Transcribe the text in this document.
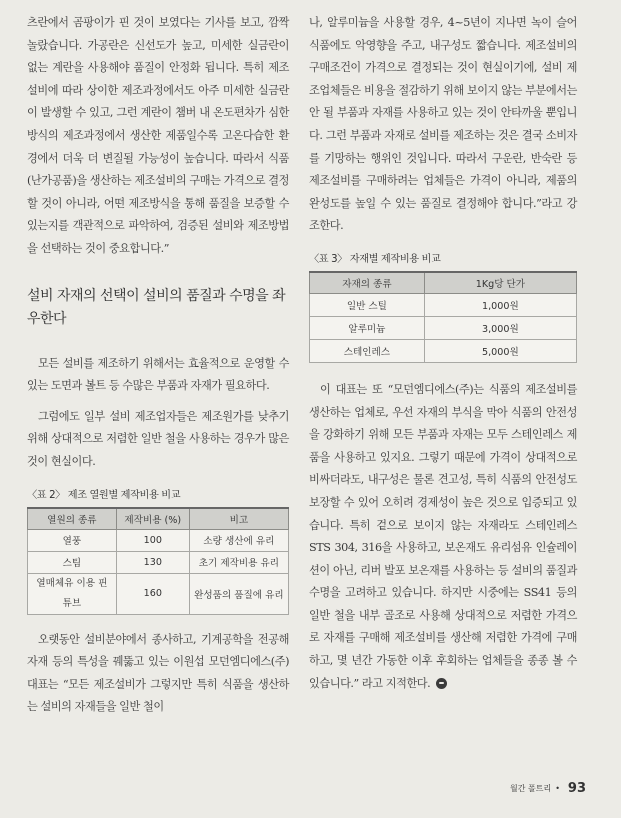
츠란에서 곰팡이가 핀 것이 보였다는 기사를 보고, 깜짝 놀랐습니다. 가공란은 신선도가 높고, 미세한 실금란이 없는 계란을 사용해야 품질이 안정화 됩니다. 특히 제조설비에 따라 상이한 제조과정에서도 아주 미세한 실금란이 발생할 수 있고, 그런 계란이 챔버 내 온도편차가 심한 방식의 제조과정에서 생산한 제품일수록 고온다습한 환경에서 더욱 더 변질될 가능성이 높습니다. 따라서 식품 (난가공품)을 생산하는 제조설비의 구매는 가격으로 결정할 것이 아니라, 어떤 제조방식을 통해 품질을 보증할 수 있는지를 객관적으로 파악하여, 검증된 설비와 제조방법을 선택하는 것이 중요합니다.”

설비 자재의 선택이 설비의 품질과 수명을 좌우한다

모든 설비를 제조하기 위해서는 효율적으로 운영할 수 있는 도면과 볼트 등 수많은 부품과 자재가 필요하다.

그럼에도 일부 설비 제조업자들은 제조원가를 낮추기 위해 상대적으로 저렴한 일반 철을 사용하는 경우가 많은 것이 현실이다.

〈표 2〉 제조 열원별 제작비용 비교
열원의 종류	제작비용 (%)	비고
열풍	100	소량 생산에 유리
스팀	130	초기 제작비용 유리
열매체유 이용 핀튜브	160	완성품의 품질에 유리

오랫동안 설비분야에서 종사하고, 기계공학을 전공해 자재 등의 특성을 꿰뚫고 있는 이원섭 모던엠디에스(주) 대표는 “모든 제조설비가 그렇지만 특히 식품을 생산하는 설비의 자재들을 일반 철이

나, 알루미늄을 사용할 경우, 4~5년이 지나면 녹이 슬어 식품에도 악영향을 주고, 내구성도 짧습니다. 제조설비의 구매조건이 가격으로 결정되는 것이 현실이기에, 설비 제조업체들은 비용을 절감하기 위해 보이지 않는 부분에서는 안 될 부품과 자재를 사용하고 있는 것이 안타까울 뿐입니다. 그런 부품과 자재로 설비를 제조하는 것은 결국 소비자를 기망하는 행위인 것입니다. 따라서 구운란, 반숙란 등 제조설비를 구매하려는 업체들은 가격이 아니라, 제품의 완성도를 높일 수 있는 품질로 결정해야 합니다.”라고 강조한다.

〈표 3〉 자재별 제작비용 비교
자재의 종류	1Kg당 단가
일반 스틸	1,000원
알루미늄	3,000원
스테인레스	5,000원

이 대표는 또 “모던엠디에스(주)는 식품의 제조설비를 생산하는 업체로, 우선 자재의 부식을 막아 식품의 안전성을 강화하기 위해 모든 부품과 자재는 모두 스테인레스 제품을 사용하고 있지요. 그렇기 때문에 가격이 상대적으로 비싸더라도, 내구성은 물론 견고성, 특히 식품의 안전성도 보장할 수 있어 오히려 경제성이 높은 것으로 입증되고 있습니다. 특히 겉으로 보이지 않는 자재라도 스테인레스 STS 304, 316을 사용하고, 보온재도 유리섬유 인슐레이션이 아닌, 리버 발포 보온재를 사용하는 등 설비의 품질과 수명을 고려하고 있습니다. 하지만 시중에는 SS41 등의 일반 철을 내부 골조로 사용해 상대적으로 저렴한 가격으로 자재를 구매해 제조설비를 생산해 저렴한 가격에 구매하고, 몇 년간 가동한 이후 후회하는 업체들을 종종 볼 수 있습니다.” 라고 지적한다.

월간 폴트리 • 93
